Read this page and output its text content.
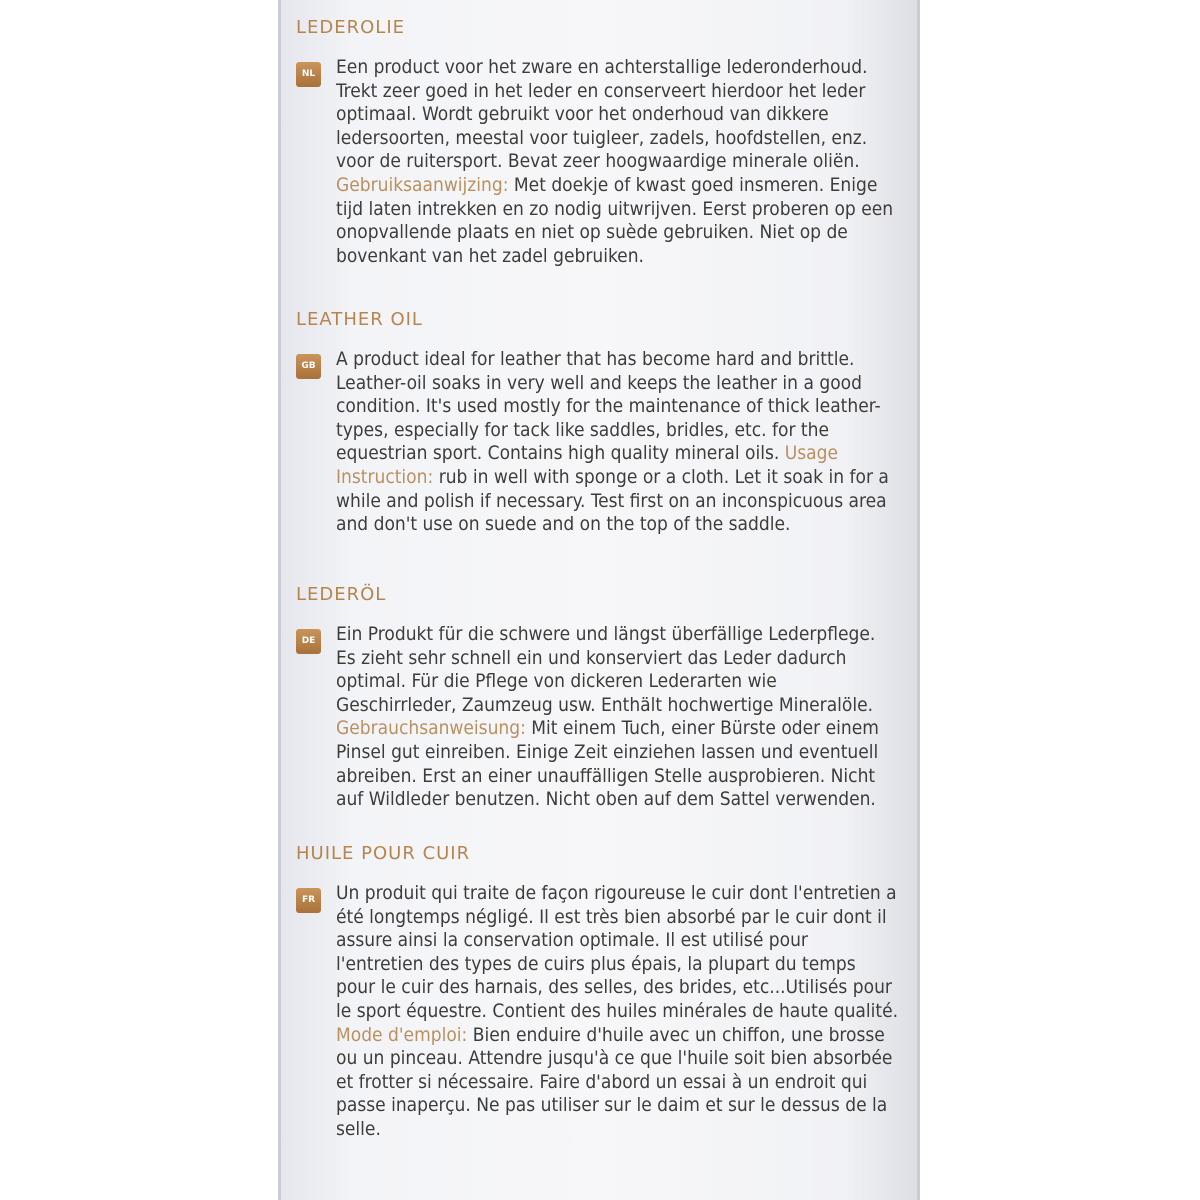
LEDEROLIE
NL	Een product voor het zware en achterstallige lederonderhoud. Trekt zeer goed in het leder en conserveert hierdoor het leder optimaal. Wordt gebruikt voor het onderhoud van dikkere ledersoorten, meestal voor tuigleer, zadels, hoofdstellen, enz. voor de ruitersport. Bevat zeer hoogwaardige minerale oliën. Gebruiksaanwijzing: Met doekje of kwast goed insmeren. Enige tijd laten intrekken en zo nodig uitwrijven. Eerst proberen op een onopvallende plaats en niet op suède gebruiken. Niet op de bovenkant van het zadel gebruiken.
LEATHER OIL
GB A product ideal for leather that has become hard and brittle. Leather-oil soaks in very well and keeps the leather in a good condition. It's used mostly for the maintenance of thick leather-types, especially for tack like saddles, bridles, etc. for the equestrian sport. Contains high quality mineral oils. Usage Instruction: rub in well with sponge or a cloth. Let it soak in for a while and polish if necessary. Test first on an inconspicuous area and don't use on suede and on the top of the saddle.
LEDERÖL
DE Ein Produkt für die schwere und längst überfällige Lederpflege. Es zieht sehr schnell ein und konserviert das Leder dadurch optimal. Für die Pflege von dickeren Lederarten wie Geschirrleder, Zaumzeug usw. Enthält hochwertige Mineralöle. Gebrauchsanweisung: Mit einem Tuch, einer Bürste oder einem Pinsel gut einreiben. Einige Zeit einziehen lassen und eventuell abreiben. Erst an einer unauffälligen Stelle ausprobieren. Nicht auf Wildleder benutzen. Nicht oben auf dem Sattel verwenden.
HUILE POUR CUIR
FR	Un produit qui traite de façon rigoureuse le cuir dont l'entretien a été longtemps négligé. Il est très bien absorbé par le cuir dont il assure ainsi la conservation optimale. Il est utilisé pour l'entretien des types de cuirs plus épais, la plupart du temps pour le cuir des harnais, des selles, des brides, etc...Utilisés pour le sport équestre. Contient des huiles minérales de haute qualité. Mode d'emploi: Bien enduire d'huile avec un chiffon, une brosse ou un pinceau. Attendre jusqu'à ce que l'huile soit bien absorbée et frotter si nécessaire. Faire d'abord un essai à un endroit qui passe inaperçu. Ne pas utiliser sur le daim et sur le dessus de la selle.
